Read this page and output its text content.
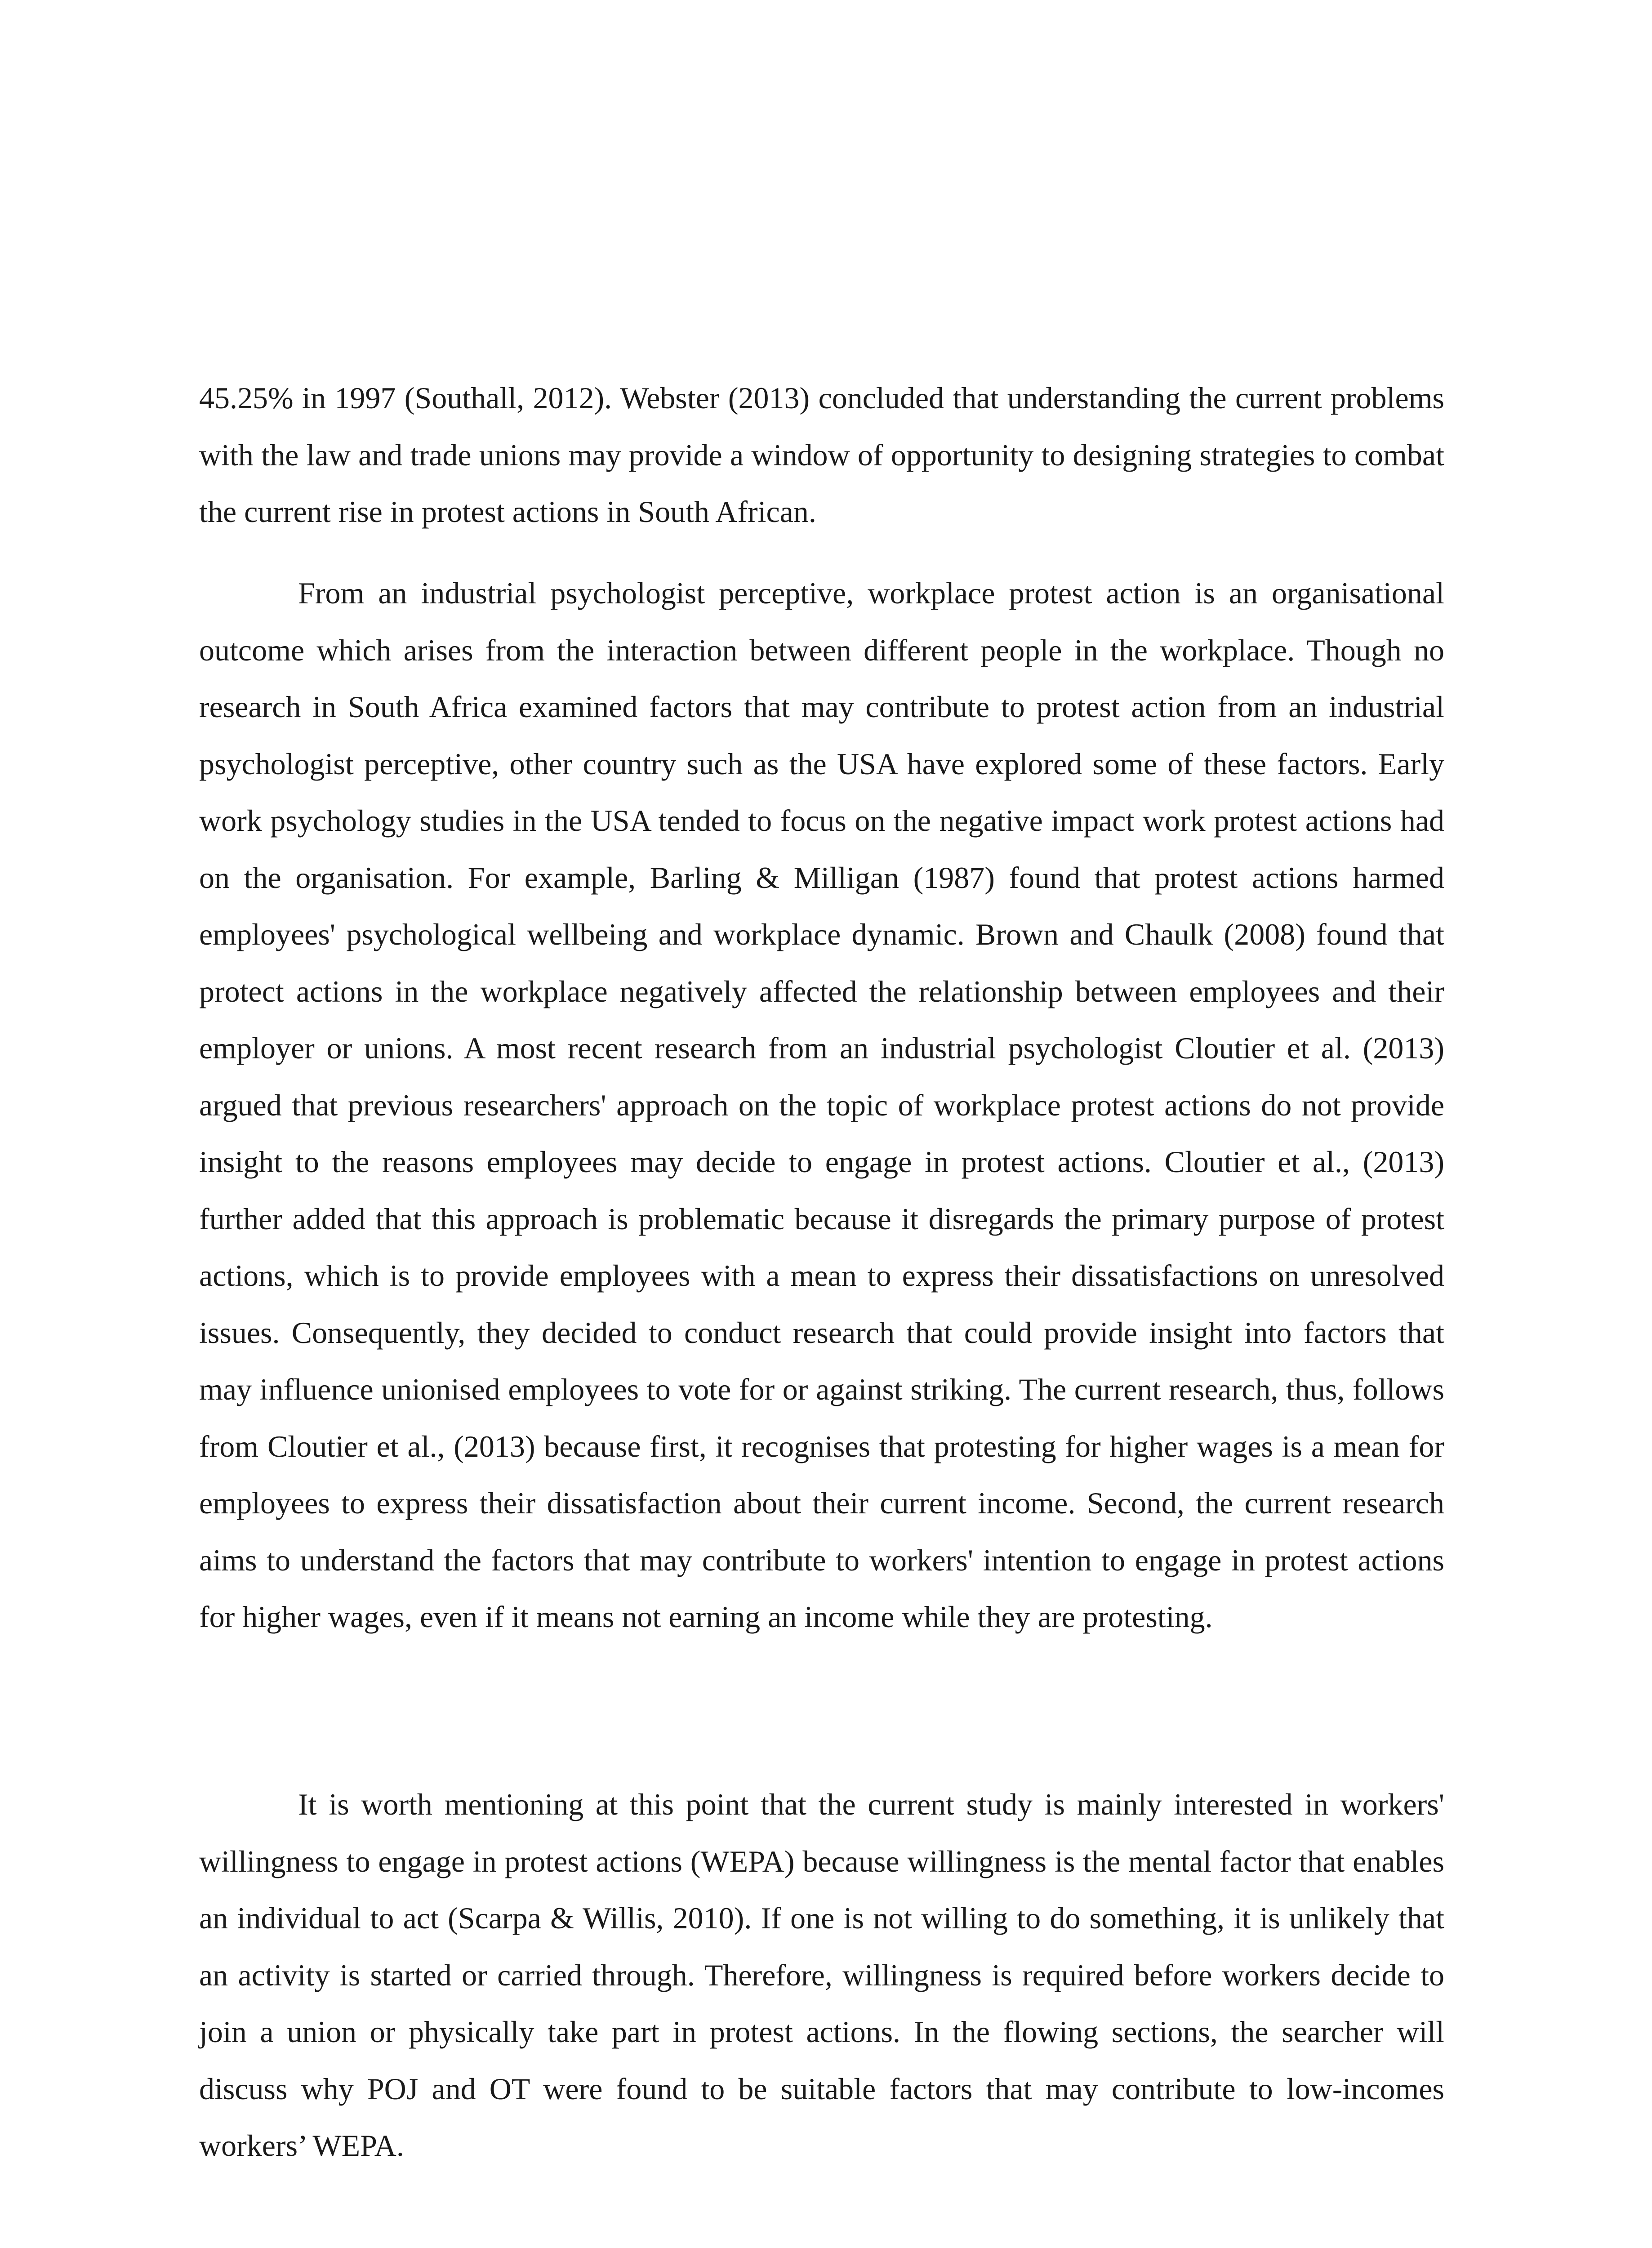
45.25% in 1997 (Southall, 2012). Webster (2013) concluded that understanding the current problems with the law and trade unions may provide a window of opportunity to designing strategies to combat the current rise in protest actions in South African.

From an industrial psychologist perceptive, workplace protest action is an organisational outcome which arises from the interaction between different people in the workplace. Though no research in South Africa examined factors that may contribute to protest action from an industrial psychologist perceptive, other country such as the USA have explored some of these factors. Early work psychology studies in the USA tended to focus on the negative impact work protest actions had on the organisation. For example, Barling & Milligan (1987) found that protest actions harmed employees' psychological wellbeing and workplace dynamic. Brown and Chaulk (2008) found that protect actions in the workplace negatively affected the relationship between employees and their employer or unions. A most recent research from an industrial psychologist Cloutier et al. (2013) argued that previous researchers' approach on the topic of workplace protest actions do not provide insight to the reasons employees may decide to engage in protest actions. Cloutier et al., (2013) further added that this approach is problematic because it disregards the primary purpose of protest actions, which is to provide employees with a mean to express their dissatisfactions on unresolved issues. Consequently, they decided to conduct research that could provide insight into factors that may influence unionised employees to vote for or against striking. The current research, thus, follows from Cloutier et al., (2013) because first, it recognises that protesting for higher wages is a mean for employees to express their dissatisfaction about their current income. Second, the current research aims to understand the factors that may contribute to workers' intention to engage in protest actions for higher wages, even if it means not earning an income while they are protesting.

It is worth mentioning at this point that the current study is mainly interested in workers' willingness to engage in protest actions (WEPA) because willingness is the mental factor that enables an individual to act (Scarpa & Willis, 2010). If one is not willing to do something, it is unlikely that an activity is started or carried through. Therefore, willingness is required before workers decide to join a union or physically take part in protest actions. In the flowing sections, the searcher will discuss why POJ and OT were found to be suitable factors that may contribute to low-incomes workers’ WEPA.
